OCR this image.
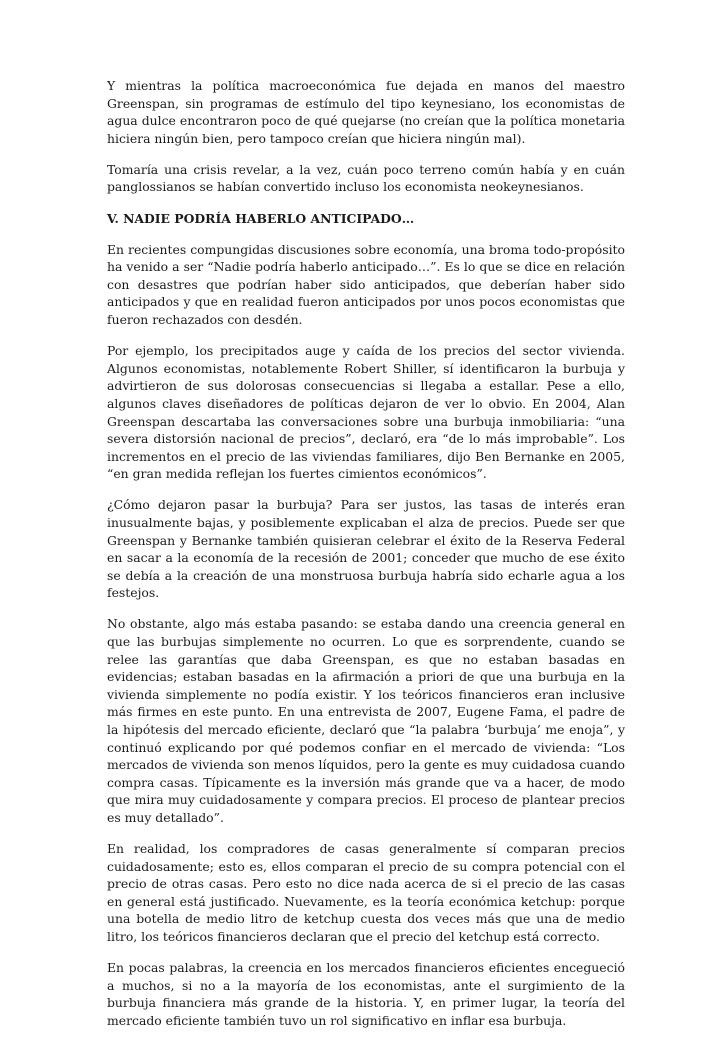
Y mientras la política macroeconómica fue dejada en manos del maestro Greenspan, sin programas de estímulo del tipo keynesiano, los economistas de agua dulce encontraron poco de qué quejarse (no creían que la política monetaria hiciera ningún bien, pero tampoco creían que hiciera ningún mal).

Tomaría una crisis revelar, a la vez, cuán poco terreno común había y en cuán panglossianos se habían convertido incluso los economista neokeynesianos.

V. NADIE PODRÍA HABERLO ANTICIPADO…

En recientes compungidas discusiones sobre economía, una broma todo-propósito ha venido a ser “Nadie podría haberlo anticipado…”. Es lo que se dice en relación con desastres que podrían haber sido anticipados, que deberían haber sido anticipados y que en realidad fueron anticipados por unos pocos economistas que fueron rechazados con desdén.

Por ejemplo, los precipitados auge y caída de los precios del sector vivienda. Algunos economistas, notablemente Robert Shiller, sí identificaron la burbuja y advirtieron de sus dolorosas consecuencias si llegaba a estallar. Pese a ello, algunos claves diseñadores de políticas dejaron de ver lo obvio. En 2004, Alan Greenspan descartaba las conversaciones sobre una burbuja inmobiliaria: “una severa distorsión nacional de precios”, declaró, era “de lo más improbable”. Los incrementos en el precio de las viviendas familiares, dijo Ben Bernanke en 2005, “en gran medida reflejan los fuertes cimientos económicos”.

¿Cómo dejaron pasar la burbuja? Para ser justos, las tasas de interés eran inusualmente bajas, y posiblemente explicaban el alza de precios. Puede ser que Greenspan y Bernanke también quisieran celebrar el éxito de la Reserva Federal en sacar a la economía de la recesión de 2001; conceder que mucho de ese éxito se debía a la creación de una monstruosa burbuja habría sido echarle agua a los festejos.

No obstante, algo más estaba pasando: se estaba dando una creencia general en que las burbujas simplemente no ocurren. Lo que es sorprendente, cuando se relee las garantías que daba Greenspan, es que no estaban basadas en evidencias; estaban basadas en la afirmación a priori de que una burbuja en la vivienda simplemente no podía existir. Y los teóricos financieros eran inclusive más firmes en este punto. En una entrevista de 2007, Eugene Fama, el padre de la hipótesis del mercado eficiente, declaró que “la palabra ‘burbuja’ me enoja”, y continuó explicando por qué podemos confiar en el mercado de vivienda: “Los mercados de vivienda son menos líquidos, pero la gente es muy cuidadosa cuando compra casas. Típicamente es la inversión más grande que va a hacer, de modo que mira muy cuidadosamente y compara precios. El proceso de plantear precios es muy detallado”.

En realidad, los compradores de casas generalmente sí comparan precios cuidadosamente; esto es, ellos comparan el precio de su compra potencial con el precio de otras casas. Pero esto no dice nada acerca de si el precio de las casas en general está justificado. Nuevamente, es la teoría económica ketchup: porque una botella de medio litro de ketchup cuesta dos veces más que una de medio litro, los teóricos financieros declaran que el precio del ketchup está correcto.

En pocas palabras, la creencia en los mercados financieros eficientes encegueció a muchos, si no a la mayoría de los economistas, ante el surgimiento de la burbuja financiera más grande de la historia. Y, en primer lugar, la teoría del mercado eficiente también tuvo un rol significativo en inflar esa burbuja.
